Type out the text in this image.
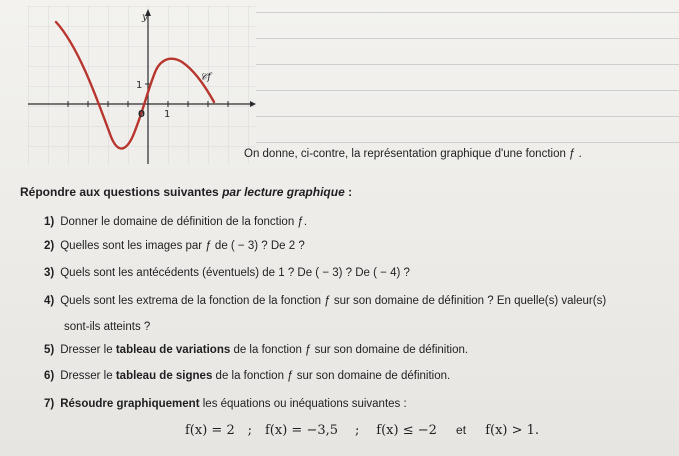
y
1
1
0
𝒞f
On donne, ci-contre, la représentation graphique d'une fonction ƒ .
Répondre aux questions suivantes par lecture graphique :
1) Donner le domaine de définition de la fonction ƒ.
2) Quelles sont les images par ƒ de ( − 3) ? De 2 ?
3) Quels sont les antécédents (éventuels) de 1 ? De ( − 3) ? De ( − 4) ?
4) Quels sont les extrema de la fonction de la fonction ƒ sur son domaine de définition ? En quelle(s) valeur(s)
sont-ils atteints ?
5) Dresser le tableau de variations de la fonction ƒ sur son domaine de définition.
6) Dresser le tableau de signes de la fonction ƒ sur son domaine de définition.
7) Résoudre graphiquement les équations ou inéquations suivantes :
f(x) = 2 ; f(x) = −3,5 ; f(x) ≤ −2 et f(x) > 1.
